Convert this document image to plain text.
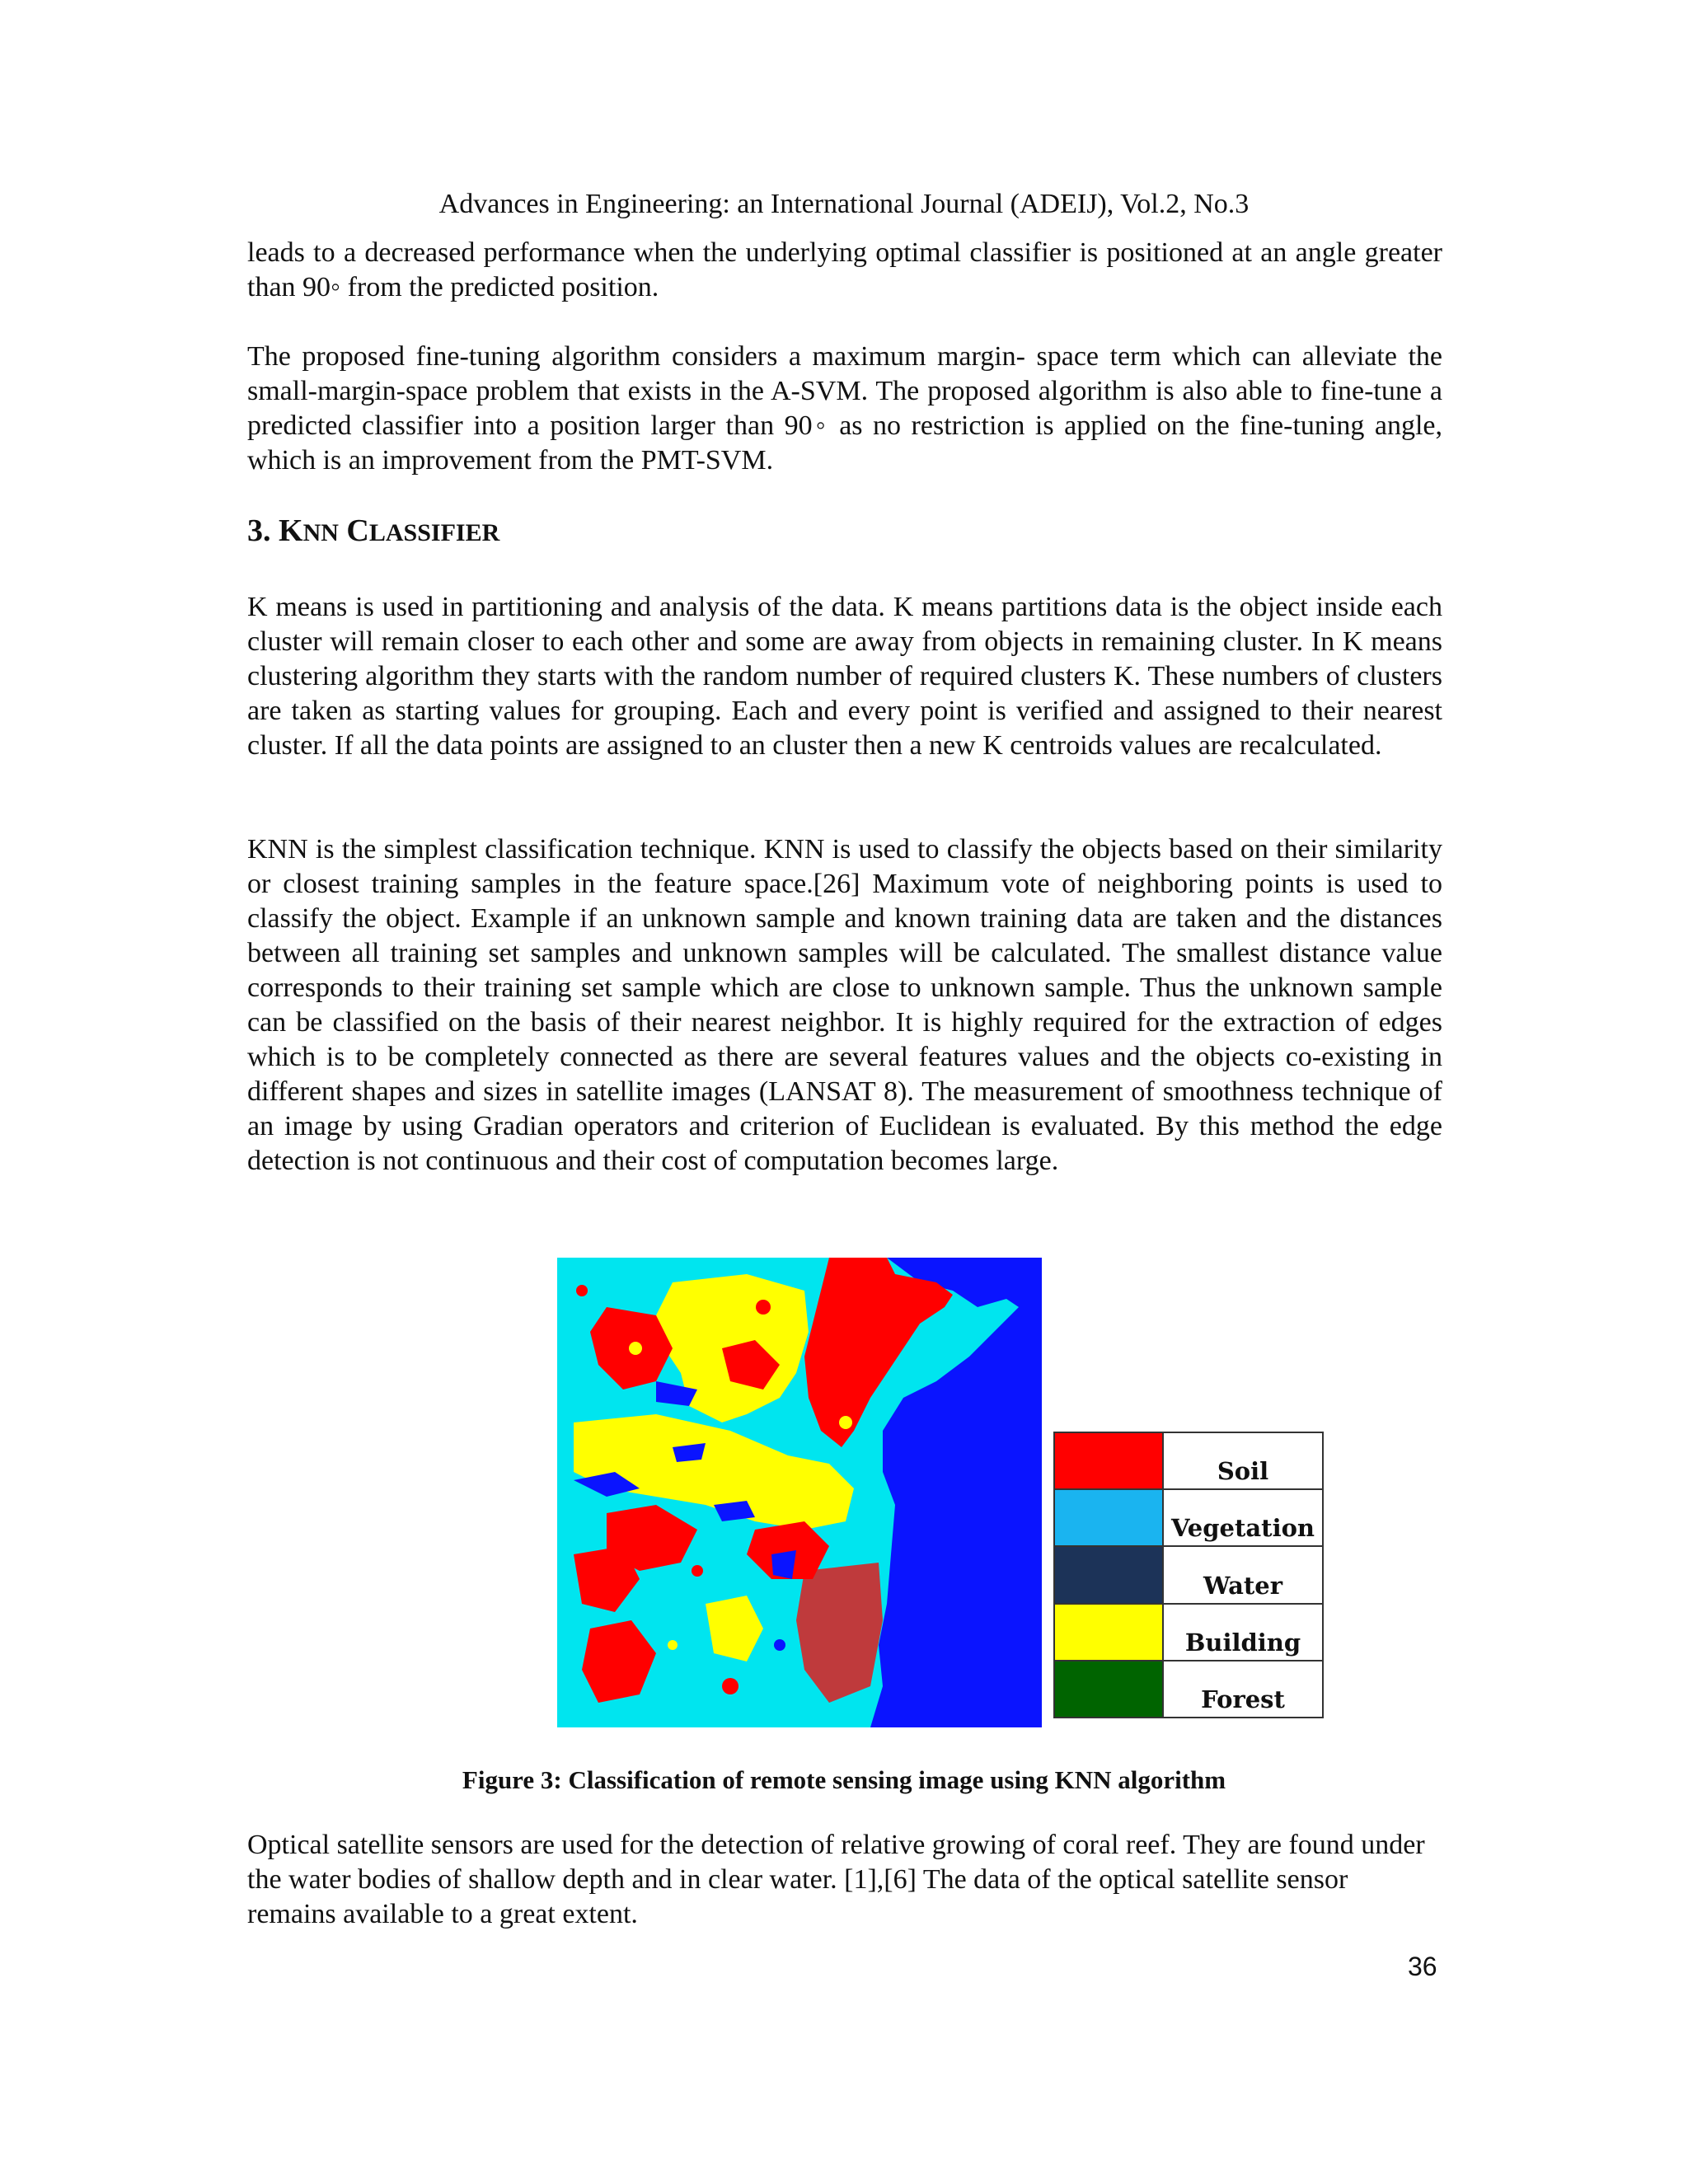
Advances in Engineering: an International Journal (ADEIJ), Vol.2, No.3

leads to a decreased performance when the underlying optimal classifier is positioned at an angle greater than 90◦ from the predicted position.

The proposed fine-tuning algorithm considers a maximum margin- space term which can alleviate the small-margin-space problem that exists in the A-SVM. The proposed algorithm is also able to fine-tune a predicted classifier into a position larger than 90◦ as no restriction is applied on the fine-tuning angle, which is an improvement from the PMT-SVM.

3. KNN CLASSIFIER

K means is used in partitioning and analysis of the data. K means partitions data is the object inside each cluster will remain closer to each other and some are away from objects in remaining cluster. In K means clustering algorithm they starts with the random number of required clusters K. These numbers of clusters are taken as starting values for grouping. Each and every point is verified and assigned to their nearest cluster. If all the data points are assigned to an cluster then a new K centroids values are recalculated.

KNN is the simplest classification technique. KNN is used to classify the objects based on their similarity or closest training samples in the feature space.[26] Maximum vote of neighboring points is used to classify the object. Example if an unknown sample and known training data are taken and the distances between all training set samples and unknown samples will be calculated. The smallest distance value corresponds to their training set sample which are close to unknown sample. Thus the unknown sample can be classified on the basis of their nearest neighbor. It is highly required for the extraction of edges which is to be completely connected as there are several features values and the objects co-existing in different shapes and sizes in satellite images (LANSAT 8). The measurement of smoothness technique of an image by using Gradian operators and criterion of Euclidean is evaluated. By this method the edge detection is not continuous and their cost of computation becomes large.

Soil
Vegetation
Water
Building
Forest
Figure 3: Classification of remote sensing image using KNN algorithm

Optical satellite sensors are used for the detection of relative growing of coral reef. They are found under the water bodies of shallow depth and in clear water. [1],[6] The data of the optical satellite sensor remains available to a great extent.

36
